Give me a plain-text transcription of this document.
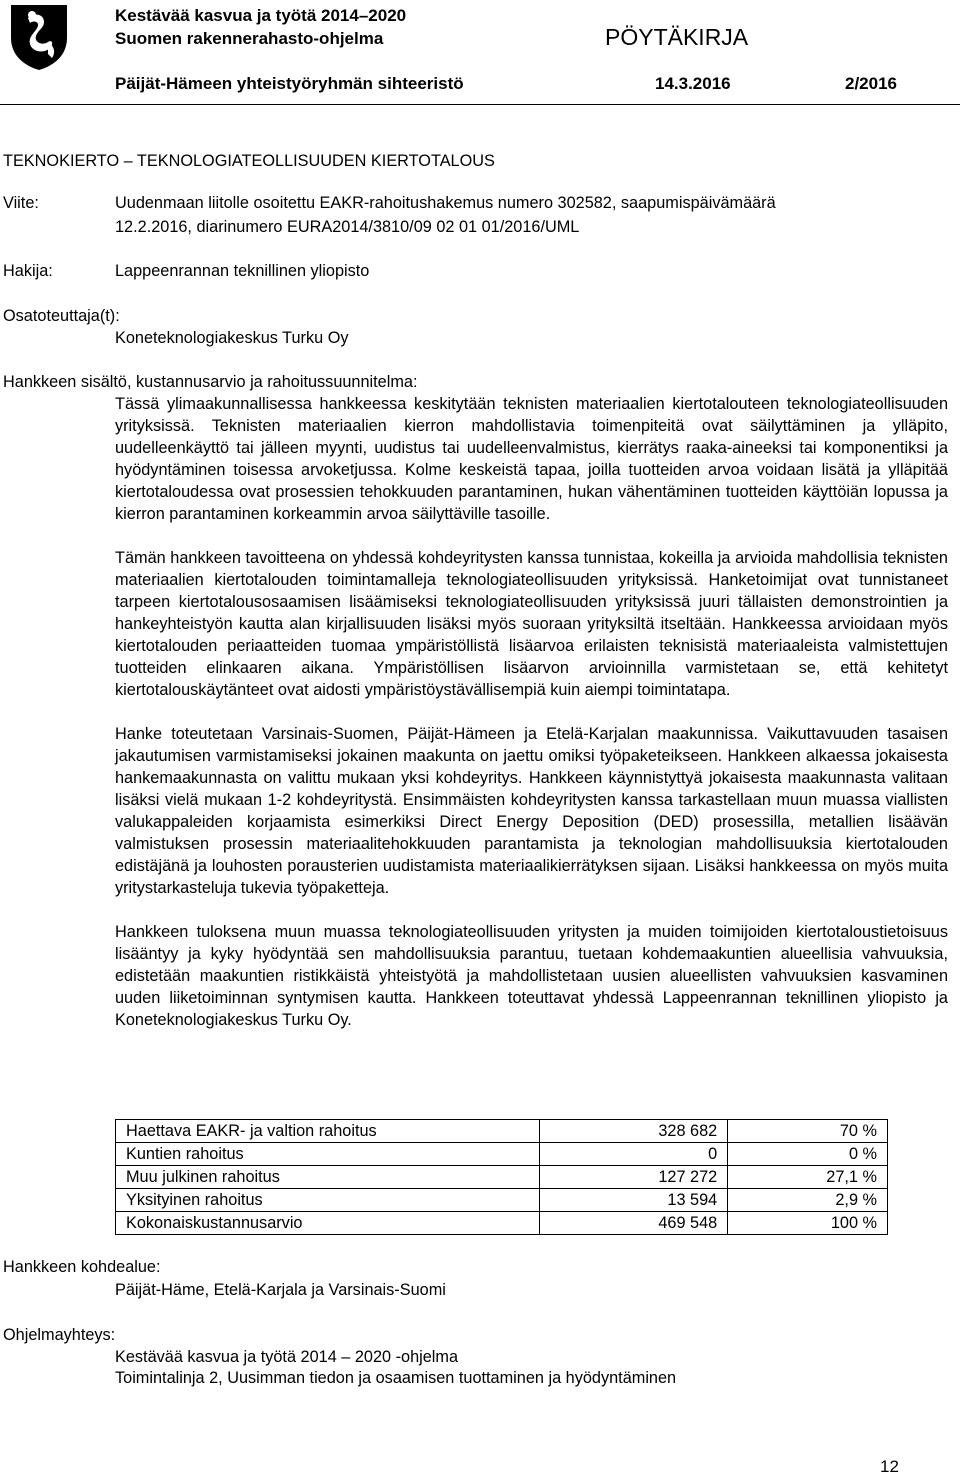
Kestävää kasvua ja työtä 2014–2020
Suomen rakennerahasto-ohjelma	PÖYTÄKIRJA
Päijät-Hämeen yhteistyöryhmän sihteeristö	14.3.2016	2/2016
TEKNOKIERTO – TEKNOLOGIATEOLLISUUDEN KIERTOTALOUS
Viite:	Uudenmaan liitolle osoitettu EAKR-rahoitushakemus numero 302582, saapumispäivämäärä
12.2.2016, diarinumero EURA2014/3810/09 02 01 01/2016/UML
Hakija:	Lappeenrannan teknillinen yliopisto
Osatoteuttaja(t):
Koneteknologiakeskus Turku Oy
Hankkeen sisältö, kustannusarvio ja rahoitussuunnitelma:

Tässä ylimaakunnallisessa hankkeessa keskitytään teknisten materiaalien kiertotalouteen teknologiateollisuuden yrityksissä. Teknisten materiaalien kierron mahdollistavia toimenpiteitä ovat säilyttäminen ja ylläpito, uudelleenkäyttö tai jälleen myynti, uudistus tai uudelleenvalmistus, kierrätys raaka-aineeksi tai komponentiksi ja hyödyntäminen toisessa arvoketjussa. Kolme keskeistä tapaa, joilla tuotteiden arvoa voidaan lisätä ja ylläpitää kiertotaloudessa ovat prosessien tehokkuuden parantaminen, hukan vähentäminen tuotteiden käyttöiän lopussa ja kierron parantaminen korkeammin arvoa säilyttäville tasoille.

Tämän hankkeen tavoitteena on yhdessä kohdeyritysten kanssa tunnistaa, kokeilla ja arvioida mahdollisia teknisten materiaalien kiertotalouden toimintamalleja teknologiateollisuuden yrityksissä. Hanketoimijat ovat tunnistaneet tarpeen kiertotalousosaamisen lisäämiseksi teknologiateollisuuden yrityksissä juuri tällaisten demonstrointien ja hankeyhteistyön kautta alan kirjallisuuden lisäksi myös suoraan yrityksiltä itseltään. Hankkeessa arvioidaan myös kiertotalouden periaatteiden tuomaa ympäristöllistä lisäarvoa erilaisten teknisistä materiaaleista valmistettujen tuotteiden elinkaaren aikana. Ympäristöllisen lisäarvon arvioinnilla varmistetaan se, että kehitetyt kiertotalouskäytänteet ovat aidosti ympäristöystävällisempiä kuin aiempi toimintatapa.

Hanke toteutetaan Varsinais-Suomen, Päijät-Hämeen ja Etelä-Karjalan maakunnissa. Vaikuttavuuden tasaisen jakautumisen varmistamiseksi jokainen maakunta on jaettu omiksi työpaketeikseen. Hankkeen alkaessa jokaisesta hankemaakunnasta on valittu mukaan yksi kohdeyritys. Hankkeen käynnistyttyä jokaisesta maakunnasta valitaan lisäksi vielä mukaan 1-2 kohdeyritystä. Ensimmäisten kohdeyritysten kanssa tarkastellaan muun muassa viallisten valukappaleiden korjaamista esimerkiksi Direct Energy Deposition (DED) prosessilla, metallien lisäävän valmistuksen prosessin materiaalitehokkuuden parantamista ja teknologian mahdollisuuksia kiertotalouden edistäjänä ja louhosten porausterien uudistamista materiaalikierrätyksen sijaan. Lisäksi hankkeessa on myös muita yritystarkasteluja tukevia työpaketteja.

Hankkeen tuloksena muun muassa teknologiateollisuuden yritysten ja muiden toimijoiden kiertotaloustietoisuus lisääntyy ja kyky hyödyntää sen mahdollisuuksia parantuu, tuetaan kohdemaakuntien alueellisia vahvuuksia, edistetään maakuntien ristikkäistä yhteistyötä ja mahdollistetaan uusien alueellisten vahvuuksien kasvaminen uuden liiketoiminnan syntymisen kautta. Hankkeen toteuttavat yhdessä Lappeenrannan teknillinen yliopisto ja Koneteknologiakeskus Turku Oy.

Haettava EAKR- ja valtion rahoitus	328 682	70 %
Kuntien rahoitus	0	0 %
Muu julkinen rahoitus	127 272	27,1 %
Yksityinen rahoitus	13 594	2,9 %
Kokonaiskustannusarvio	469 548	100 %
Hankkeen kohdealue:
Päijät-Häme, Etelä-Karjala ja Varsinais-Suomi
Ohjelmayhteys:
Kestävää kasvua ja työtä 2014 – 2020 -ohjelma
Toimintalinja 2, Uusimman tiedon ja osaamisen tuottaminen ja hyödyntäminen
12
